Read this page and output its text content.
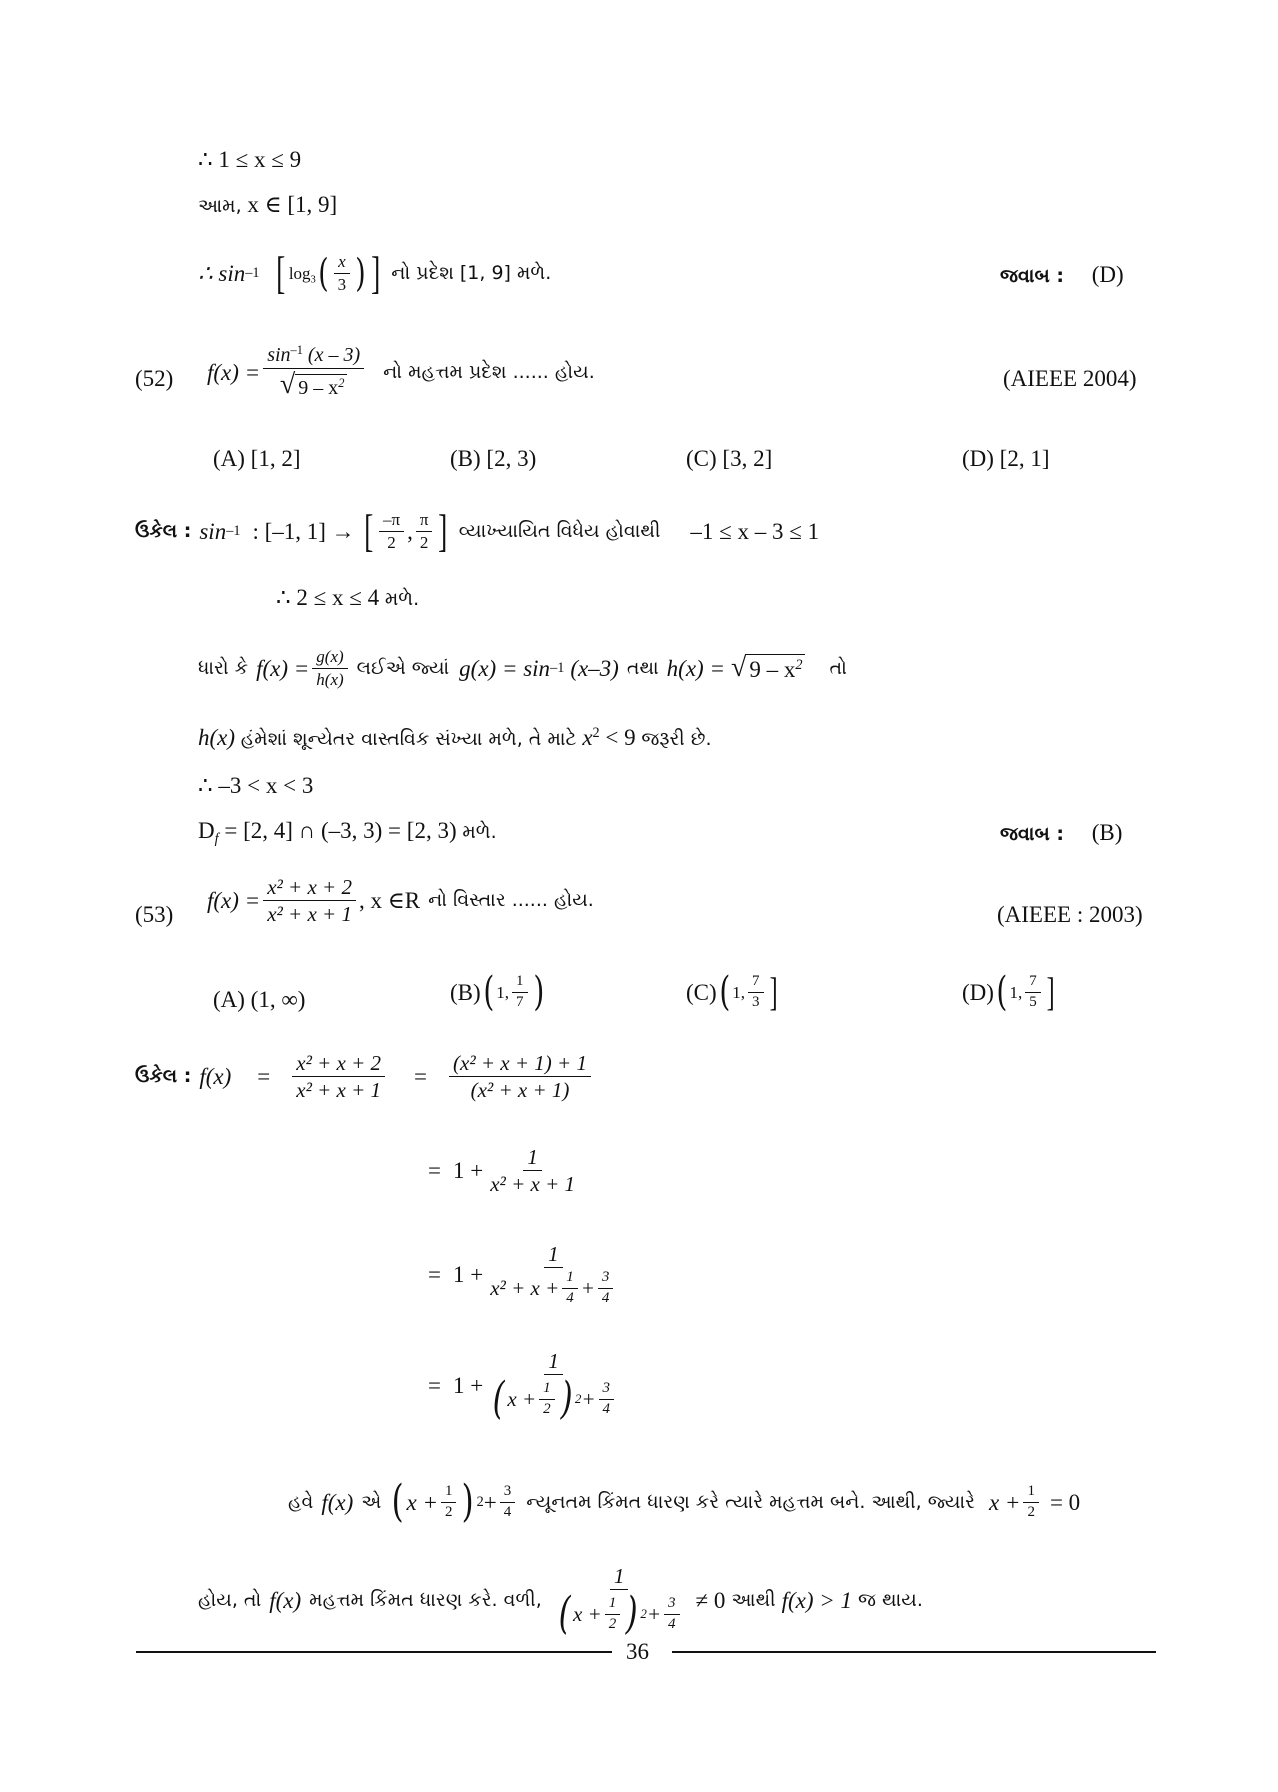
∴ 1 ≤ x ≤ 9
આમ, x ∈ [1, 9]
∴ sin –1 [ $\log_3$ ( $\frac{x}{3}$ ) ] નો પ્રદેશ [1, 9] મળે.	જવાબ : (D)
(52) $f(x) = \frac{\sin^{-1} (x - 3)}{√ 9 - x^2}$ નો મહત્તમ પ્રદેશ ...... હોય.	(AIEEE 2004)
(A) [1, 2]	(B) [2, 3)	(C) [3, 2]	(D) [2, 1]
ઉકેલ : sin –1 : [–1, 1] → [ $\frac{-\pi}{2}$ , $\frac{\pi}{2}$ ] વ્યાખ્યાયિત વિધેય હોવાથી –1 ≤ x – 3 ≤ 1
∴ 2 ≤ x ≤ 4 મળે.
ધારો કે $f(x) = \frac{g(x)}{h(x)}$ લઈએ જ્યાં g(x) = sin –1 (x–3) તથા h(x) = √ $9 - x^2$ તો
h(x) હંમેશાં શૂન્યેતર વાસ્તવિક સંખ્યા મળે, તે માટે $x^2 < 9$ જરૂરી છે.
∴ –3 < x < 3
$D_f = [2$, 4] ∩ (–3, 3) = [2, 3) મળે.	જવાબ : (B)
(53)
$f(x) = \frac{\text{x² + x + 2}}{\text{x² + x + 1}}$ , x ∈R નો વિસ્તાર ...... હોય.
(AIEEE : 2003)
(A) (1, ∞)	(B) ( 1, $\frac{1}{7}$ )	(C) ( 1, $\frac{7}{3}$ ]	(D) ( 1, $\frac{7}{5}$ ]
ઉકેલ : $f(x) = \frac{\text{x² + x + 2}}{\text{x² + x + 1}} = \frac{\text{(x² + x + 1) + 1}}{\text{(x² + x + 1)}}$
= $1 + \frac{1}{\text{x² + x + 1}}$
= $1 + \frac{1}{x^2 + x + \frac{1}{4} + \frac{3}{4}}$
= $1 + \frac{1}{( x + \frac{1}{2} ) 2 + \frac{3}{4}}$
હવે f(x) એ ( $x + \frac{1}{2}$ ) $2 + \frac{3}{4}$ ન્યૂનતમ કિંમત ધારણ કરે ત્યારે મહત્તમ બને. આથી, જ્યારે $x + \frac{1}{2} = 0$
હોય, તો f(x) મહત્તમ કિંમત ધારણ કરે. વળી, $\frac{1}{( x + \frac{1}{2} ) 2 + \frac{3}{4}} \ne 0$ આથી f(x) > 1 જ થાય.
36
